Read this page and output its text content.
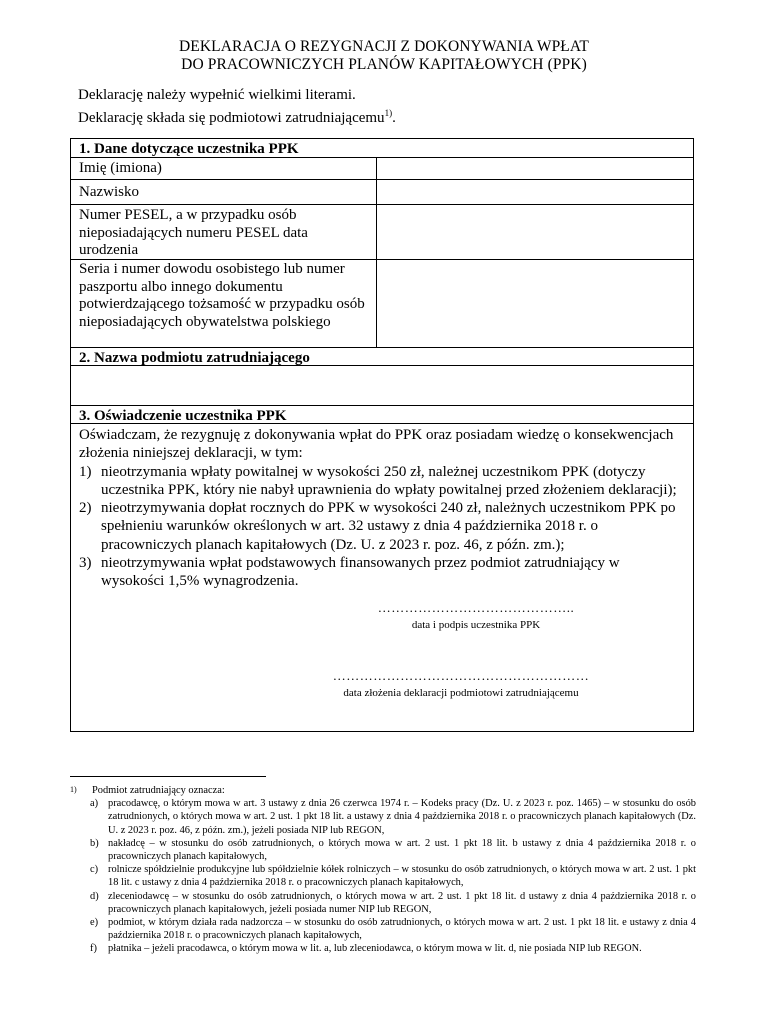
DEKLARACJA O REZYGNACJI Z DOKONYWANIA WPŁAT
DO PRACOWNICZYCH PLANÓW KAPITAŁOWYCH (PPK)
Deklarację należy wypełnić wielkimi literami.
Deklarację składa się podmiotowi zatrudniającemu$^{1)}$.
1. Dane dotyczące uczestnika PPK
Imię (imiona)
Nazwisko
Numer PESEL, a w przypadku osób nieposiadających numeru PESEL data urodzenia
Seria i numer dowodu osobistego lub numer paszportu albo innego dokumentu potwierdzającego tożsamość w przypadku osób nieposiadających obywatelstwa polskiego
2. Nazwa podmiotu zatrudniającego
3. Oświadczenie uczestnika PPK
Oświadczam, że rezygnuję z dokonywania wpłat do PPK oraz posiadam wiedzę o konsekwencjach złożenia niniejszej deklaracji, w tym:
1) nieotrzymania wpłaty powitalnej w wysokości 250 zł, należnej uczestnikom PPK (dotyczy uczestnika PPK, który nie nabył uprawnienia do wpłaty powitalnej przed złożeniem deklaracji);
2) nieotrzymywania dopłat rocznych do PPK w wysokości 240 zł, należnych uczestnikom PPK po spełnieniu warunków określonych w art. 32 ustawy z dnia 4 października 2018 r. o pracowniczych planach kapitałowych (Dz. U. z 2023 r. poz. 46, z późn. zm.);
3) nieotrzymywania wpłat podstawowych finansowanych przez podmiot zatrudniający w wysokości 1,5% wynagrodzenia.
……………………………………..
data i podpis uczestnika PPK
…………………………………………………
data złożenia deklaracji podmiotowi zatrudniającemu
1)	Podmiot zatrudniający oznacza:
a) pracodawcę, o którym mowa w art. 3 ustawy z dnia 26 czerwca 1974 r. – Kodeks pracy (Dz. U. z 2023 r. poz. 1465) – w stosunku do osób zatrudnionych, o których mowa w art. 2 ust. 1 pkt 18 lit. a ustawy z dnia 4 października 2018 r. o pracowniczych planach kapitałowych (Dz. U. z 2023 r. poz. 46, z późn. zm.), jeżeli posiada NIP lub REGON,
b) nakładcę – w stosunku do osób zatrudnionych, o których mowa w art. 2 ust. 1 pkt 18 lit. b ustawy z dnia 4 października 2018 r. o pracowniczych planach kapitałowych,
c) rolnicze spółdzielnie produkcyjne lub spółdzielnie kółek rolniczych – w stosunku do osób zatrudnionych, o których mowa w art. 2 ust. 1 pkt 18 lit. c ustawy z dnia 4 października 2018 r. o pracowniczych planach kapitałowych,
d) zleceniodawcę – w stosunku do osób zatrudnionych, o których mowa w art. 2 ust. 1 pkt 18 lit. d ustawy z dnia 4 października 2018 r. o pracowniczych planach kapitałowych, jeżeli posiada numer NIP lub REGON,
e) podmiot, w którym działa rada nadzorcza – w stosunku do osób zatrudnionych, o których mowa w art. 2 ust. 1 pkt 18 lit. e ustawy z dnia 4 października 2018 r. o pracowniczych planach kapitałowych,
f)	płatnika – jeżeli pracodawca, o którym mowa w lit. a, lub zleceniodawca, o którym mowa w lit. d, nie posiada NIP lub REGON.
